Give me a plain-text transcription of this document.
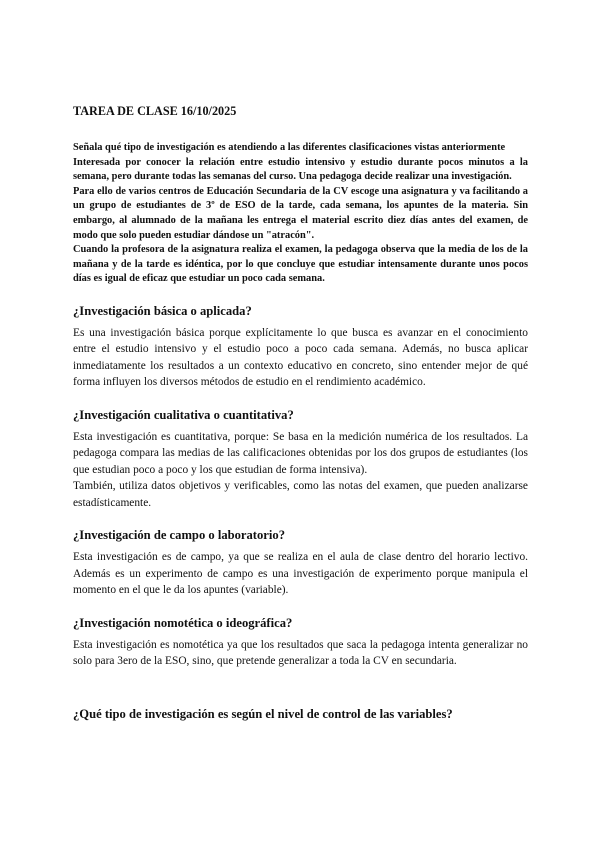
TAREA DE CLASE 16/10/2025

Señala qué tipo de investigación es atendiendo a las diferentes clasificaciones vistas anteriormente

Interesada por conocer la relación entre estudio intensivo y estudio durante pocos minutos a la semana, pero durante todas las semanas del curso. Una pedagoga decide realizar una investigación.

Para ello de varios centros de Educación Secundaria de la CV escoge una asignatura y va facilitando a un grupo de estudiantes de 3º de ESO de la tarde, cada semana, los apuntes de la materia. Sin embargo, al alumnado de la mañana les entrega el material escrito diez días antes del examen, de modo que solo pueden estudiar dándose un "atracón".

Cuando la profesora de la asignatura realiza el examen, la pedagoga observa que la media de los de la mañana y de la tarde es idéntica, por lo que concluye que estudiar intensamente durante unos pocos días es igual de eficaz que estudiar un poco cada semana.

¿Investigación básica o aplicada?

Es una investigación básica porque explícitamente lo que busca es avanzar en el conocimiento entre el estudio intensivo y el estudio poco a poco cada semana. Además, no busca aplicar inmediatamente los resultados a un contexto educativo en concreto, sino entender mejor de qué forma influyen los diversos métodos de estudio en el rendimiento académico.

¿Investigación cualitativa o cuantitativa?

Esta investigación es cuantitativa, porque: Se basa en la medición numérica de los resultados. La pedagoga compara las medias de las calificaciones obtenidas por los dos grupos de estudiantes (los que estudian poco a poco y los que estudian de forma intensiva).

También, utiliza datos objetivos y verificables, como las notas del examen, que pueden analizarse estadísticamente.

¿Investigación de campo o laboratorio?

Esta investigación es de campo, ya que se realiza en el aula de clase dentro del horario lectivo. Además es un experimento de campo es una investigación de experimento porque manipula el momento en el que le da los apuntes (variable).

¿Investigación nomotética o ideográfica?

Esta investigación es nomotética ya que los resultados que saca la pedagoga intenta generalizar no solo para 3ero de la ESO, sino, que pretende generalizar a toda la CV en secundaria.

¿Qué tipo de investigación es según el nivel de control de las variables?
